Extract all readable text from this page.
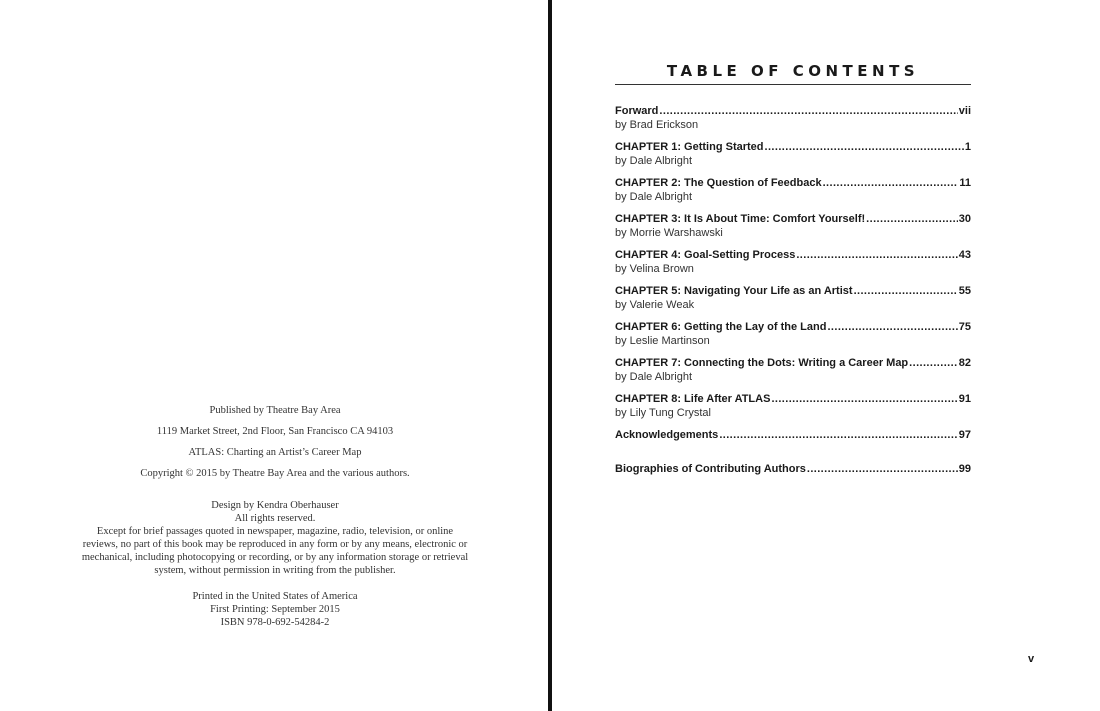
Published by Theatre Bay Area
1119 Market Street, 2nd Floor, San Francisco CA 94103
ATLAS: Charting an Artist’s Career Map
Copyright © 2015 by Theatre Bay Area and the various authors.
Design by Kendra Oberhauser
All rights reserved.
Except for brief passages quoted in newspaper, magazine, radio, television, or online
reviews, no part of this book may be reproduced in any form or by any means, electronic or
mechanical, including photocopying or recording, or by any information storage or retrieval
system, without permission in writing from the publisher.
Printed in the United States of America
First Printing: September 2015
ISBN 978-0-692-54284-2
TABLE OF CONTENTS
Forward .....	vii
by Brad Erickson
CHAPTER 1: Getting Started .....	1
by Dale Albright
CHAPTER 2: The Question of Feedback .....	11
by Dale Albright
CHAPTER 3: It Is About Time: Comfort Yourself! .....	30
by Morrie Warshawski
CHAPTER 4: Goal-Setting Process .....	43
by Velina Brown
CHAPTER 5: Navigating Your Life as an Artist .....	55
by Valerie Weak
CHAPTER 6: Getting the Lay of the Land .....	75
by Leslie Martinson
CHAPTER 7: Connecting the Dots: Writing a Career Map .....	82
by Dale Albright
CHAPTER 8: Life After ATLAS .....	91
by Lily Tung Crystal
Acknowledgements .....	97
Biographies of Contributing Authors .....	99
v
